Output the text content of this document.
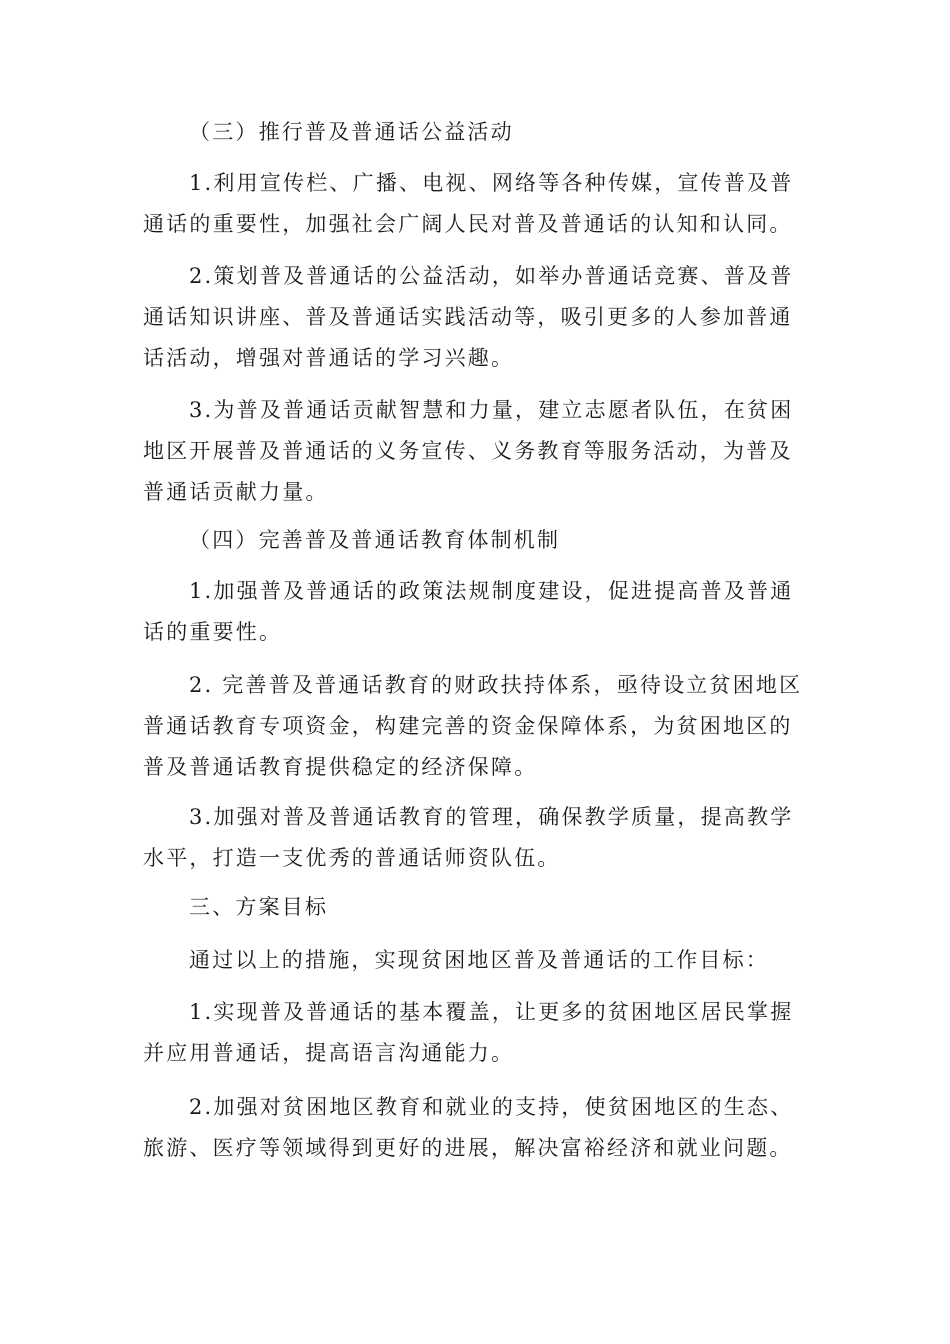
（三）推行普及普通话公益活动

1.利用宣传栏、广播、电视、网络等各种传媒，宣传普及普通话的重要性，加强社会广阔人民对普及普通话的认知和认同。

2.策划普及普通话的公益活动，如举办普通话竞赛、普及普通话知识讲座、普及普通话实践活动等，吸引更多的人参加普通话活动，增强对普通话的学习兴趣。

3.为普及普通话贡献智慧和力量，建立志愿者队伍，在贫困地区开展普及普通话的义务宣传、义务教育等服务活动，为普及普通话贡献力量。

（四）完善普及普通话教育体制机制

1.加强普及普通话的政策法规制度建设，促进提高普及普通话的重要性。

2. 完善普及普通话教育的财政扶持体系，亟待设立贫困地区普通话教育专项资金，构建完善的资金保障体系，为贫困地区的普及普通话教育提供稳定的经济保障。

3.加强对普及普通话教育的管理，确保教学质量，提高教学水平，打造一支优秀的普通话师资队伍。

三、方案目标

通过以上的措施，实现贫困地区普及普通话的工作目标：

1.实现普及普通话的基本覆盖，让更多的贫困地区居民掌握并应用普通话，提高语言沟通能力。

2.加强对贫困地区教育和就业的支持，使贫困地区的生态、旅游、医疗等领域得到更好的进展，解决富裕经济和就业问题。
